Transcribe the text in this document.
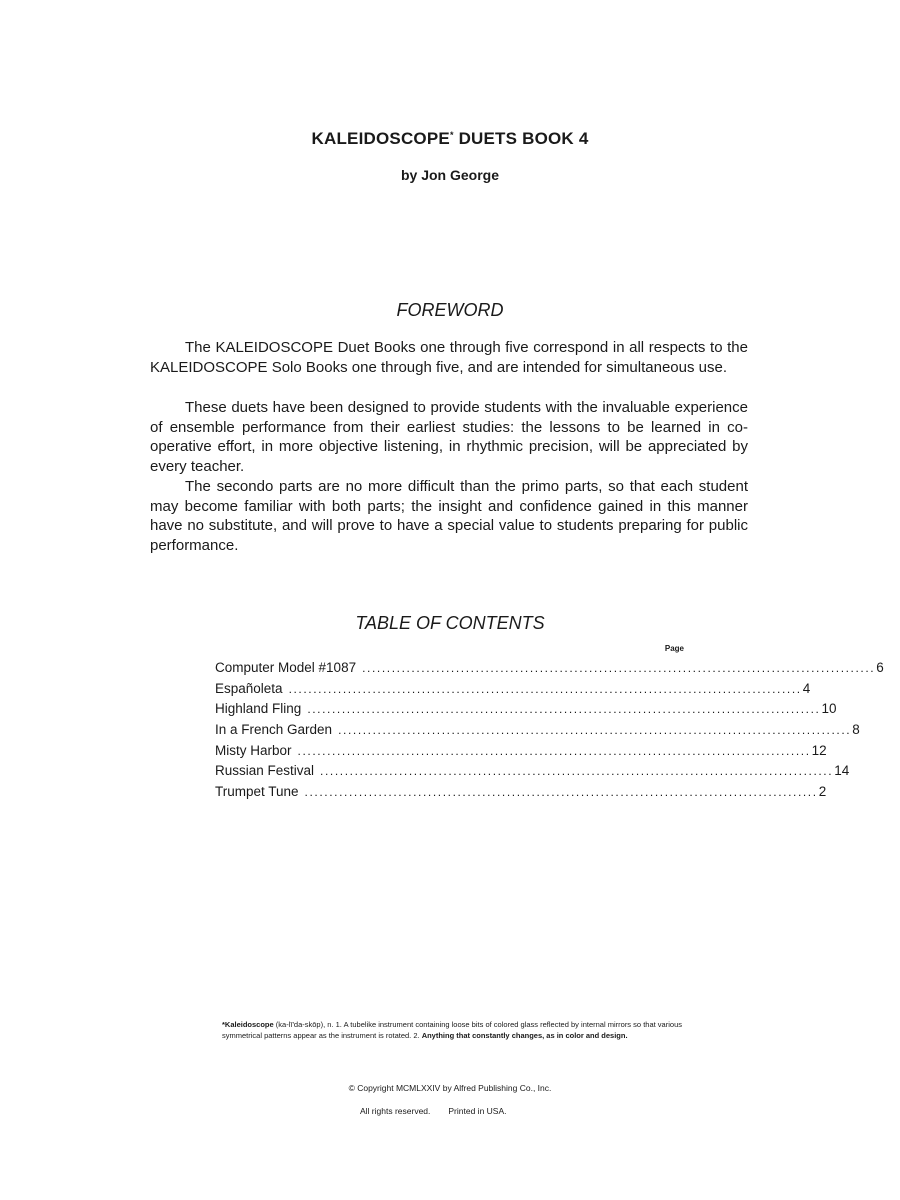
KALEIDOSCOPE* DUETS BOOK 4
by Jon George
FOREWORD

The KALEIDOSCOPE Duet Books one through five correspond in all respects to the KALEIDOSCOPE Solo Books one through five, and are intended for simultaneous use.

These duets have been designed to provide students with the invaluable experience of ensemble performance from their earliest studies: the lessons to be learned in co-operative effort, in more objective listening, in rhythmic precision, will be appreciated by every teacher.

The secondo parts are no more difficult than the primo parts, so that each student may become familiar with both parts; the insight and confidence gained in this manner have no substitute, and will prove to have a special value to students preparing for public performance.

TABLE OF CONTENTS
Page
Computer Model #1087 ........................................................................................................ 6
Españoleta ........................................................................................................ 4
Highland Fling ........................................................................................................ 10
In a French Garden ........................................................................................................ 8
Misty Harbor ........................................................................................................ 12
Russian Festival ........................................................................................................ 14
Trumpet Tune ........................................................................................................ 2

*Kaleidoscope (ka-lī'da-skōp), n. 1. A tubelike instrument containing loose bits of colored glass reflected by internal mirrors so that various symmetrical patterns appear as the instrument is rotated. 2. Anything that constantly changes, as in color and design.

© Copyright MCMLXXIV by Alfred Publishing Co., Inc.
All rights reserved. Printed in USA.
